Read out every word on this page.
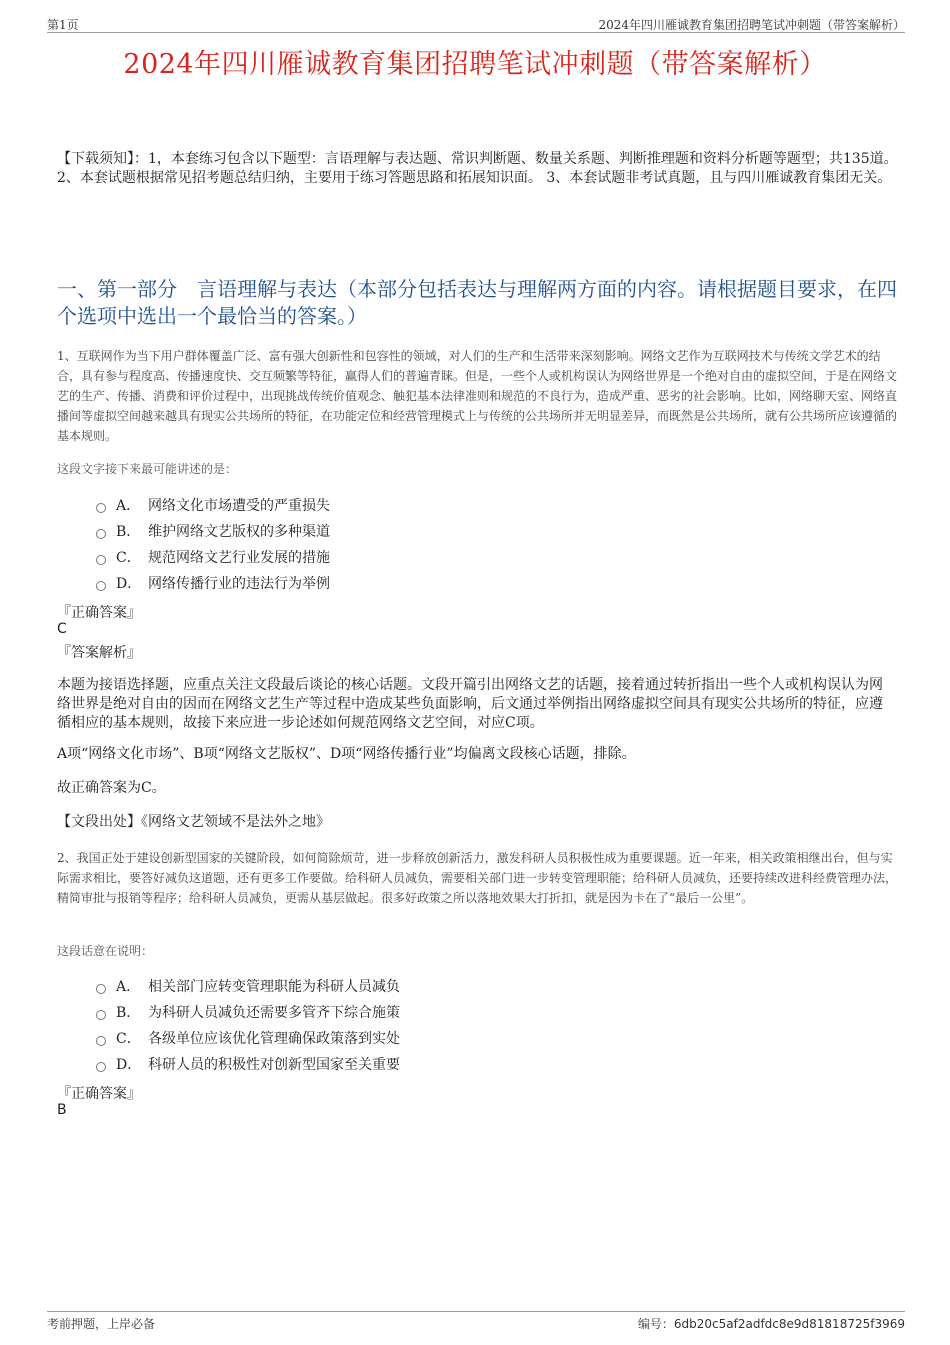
第1页	2024年四川雁诚教育集团招聘笔试冲刺题（带答案解析）
2024年四川雁诚教育集团招聘笔试冲刺题（带答案解析）
【下载须知】：1，本套练习包含以下题型：言语理解与表达题、常识判断题、数量关系题、判断推理题和资料分析题等题型；共135道。 2、本套试题根据常见招考题总结归纳，主要用于练习答题思路和拓展知识面。 3、本套试题非考试真题，且与四川雁诚教育集团无关。
一、第一部分　言语理解与表达（本部分包括表达与理解两方面的内容。请根据题目要求，在四个选项中选出一个最恰当的答案。）
1、互联网作为当下用户群体覆盖广泛、富有强大创新性和包容性的领域，对人们的生产和生活带来深刻影响。网络文艺作为互联网技术与传统文学艺术的结合，具有参与程度高、传播速度快、交互频繁等特征，赢得人们的普遍青睐。但是，一些个人或机构误认为网络世界是一个绝对自由的虚拟空间，于是在网络文艺的生产、传播、消费和评价过程中，出现挑战传统价值观念、触犯基本法律准则和规范的不良行为，造成严重、恶劣的社会影响。比如，网络聊天室、网络直播间等虚拟空间越来越具有现实公共场所的特征，在功能定位和经营管理模式上与传统的公共场所并无明显差异，而既然是公共场所，就有公共场所应该遵循的基本规则。
这段文字接下来最可能讲述的是：
A． 网络文化市场遭受的严重损失
B． 维护网络文艺版权的多种渠道
C． 规范网络文艺行业发展的措施
D． 网络传播行业的违法行为举例
『正确答案』
C
『答案解析』
本题为接语选择题，应重点关注文段最后谈论的核心话题。文段开篇引出网络文艺的话题，接着通过转折指出一些个人或机构误认为网络世界是绝对自由的因而在网络文艺生产等过程中造成某些负面影响，后文通过举例指出网络虚拟空间具有现实公共场所的特征，应遵循相应的基本规则，故接下来应进一步论述如何规范网络文艺空间，对应C项。
A项“网络文化市场”、B项“网络文艺版权”、D项“网络传播行业”均偏离文段核心话题，排除。
故正确答案为C。
【文段出处】《网络文艺领域不是法外之地》
2、我国正处于建设创新型国家的关键阶段，如何简除烦苛，进一步释放创新活力，激发科研人员积极性成为重要课题。近一年来，相关政策相继出台，但与实际需求相比，要答好减负这道题，还有更多工作要做。给科研人员减负，需要相关部门进一步转变管理职能；给科研人员减负，还要持续改进科经费管理办法，精简审批与报销等程序；给科研人员减负，更需从基层做起。很多好政策之所以落地效果大打折扣，就是因为卡在了“最后一公里”。
这段话意在说明：
A． 相关部门应转变管理职能为科研人员减负
B． 为科研人员减负还需要多管齐下综合施策
C． 各级单位应该优化管理确保政策落到实处
D． 科研人员的积极性对创新型国家至关重要
『正确答案』
B
考前押题，上岸必备	编号：6db20c5af2adfdc8e9d81818725f3969
